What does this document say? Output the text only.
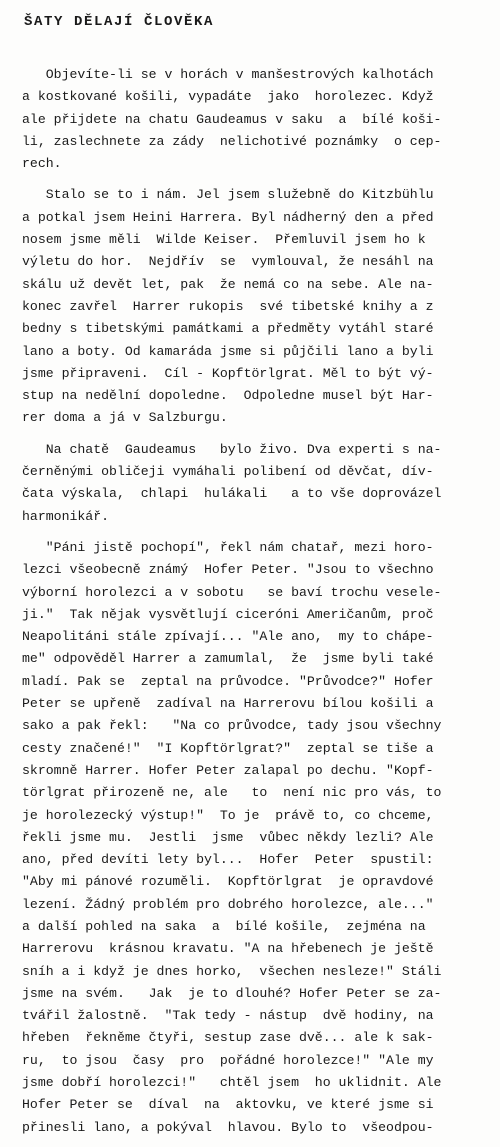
ŠATY DĚLAJÍ ČLOVĚKA
Objevíte-li se v horách v manšestrových kalhotách
a kostkované košili, vypadáte  jako  horolezec. Když
ale přijdete na chatu Gaudeamus v saku  a  bílé koši-
li, zaslechnete za zády  nelichotivé poznámky  o cep-
rech.
Stalo se to i nám. Jel jsem služebně do Kitzbühlu
a potkal jsem Heini Harrera. Byl nádherný den a před
nosem jsme měli  Wilde Keiser.  Přemluvil jsem ho k
výletu do hor.  Nejdřív  se  vymlouval, že nesáhl na
skálu už devět let, pak  že nemá co na sebe. Ale na-
konec zavřel  Harrer rukopis  své tibetské knihy a z
bedny s tibetskými památkami a předměty vytáhl staré
lano a boty. Od kamaráda jsme si půjčili lano a byli
jsme připraveni.  Cíl - Kopftörlgrat. Měl to být vý-
stup na nedělní dopoledne.  Odpoledne musel být Har-
rer doma a já v Salzburgu.
Na chatě  Gaudeamus   bylo živo. Dva experti s na-
černěnými obličeji vymáhali polibení od děvčat, dív-
čata výskala,  chlapi  hulákali   a to vše doprovázel
harmonikář.
"Páni jistě pochopí", řekl nám chatař, mezi horo-
lezci všeobecně známý  Hofer Peter. "Jsou to všechno
výborní horolezci a v sobotu   se baví trochu vesele-
ji."  Tak nějak vysvětlují ciceróni Američanům, proč
Neapolitáni stále zpívají... "Ale ano,  my to chápe-
me" odpověděl Harrer a zamumlal,  že  jsme byli také
mladí. Pak se  zeptal na průvodce. "Průvodce?" Hofer
Peter se upřeně  zadíval na Harrerovu bílou košili a
sako a pak řekl:   "Na co průvodce, tady jsou všechny
cesty značené!"  "I Kopftörlgrat?"  zeptal se tiše a
skromně Harrer. Hofer Peter zalapal po dechu. "Kopf-
törlgrat přirozeně ne, ale   to  není nic pro vás, to
je horolezecký výstup!"  To je  právě to, co chceme,
řekli jsme mu.  Jestli  jsme  vůbec někdy lezli? Ale
ano, před devíti lety byl...  Hofer  Peter  spustil:
"Aby mi pánové rozuměli.  Kopftörlgrat  je opravdové
lezení. Žádný problém pro dobrého horolezce, ale..."
a další pohled na saka  a  bílé košile,  zejména na
Harrerovu  krásnou kravatu. "A na hřebenech je ještě
sníh a i když je dnes horko,  všechen nesleze!" Stáli
jsme na svém.   Jak  je to dlouhé? Hofer Peter se za-
tvářil žalostně.  "Tak tedy - nástup  dvě hodiny, na
hřeben  řekněme čtyři, sestup zase dvě... ale k sak-
ru,  to jsou  časy  pro  pořádné horolezce!" "Ale my
jsme dobří horolezci!"   chtěl jsem  ho uklidnit. Ale
Hofer Peter se  díval  na  aktovku, ve které jsme si
přinesli lano, a pokýval  hlavou. Bylo to  všeodpou-
